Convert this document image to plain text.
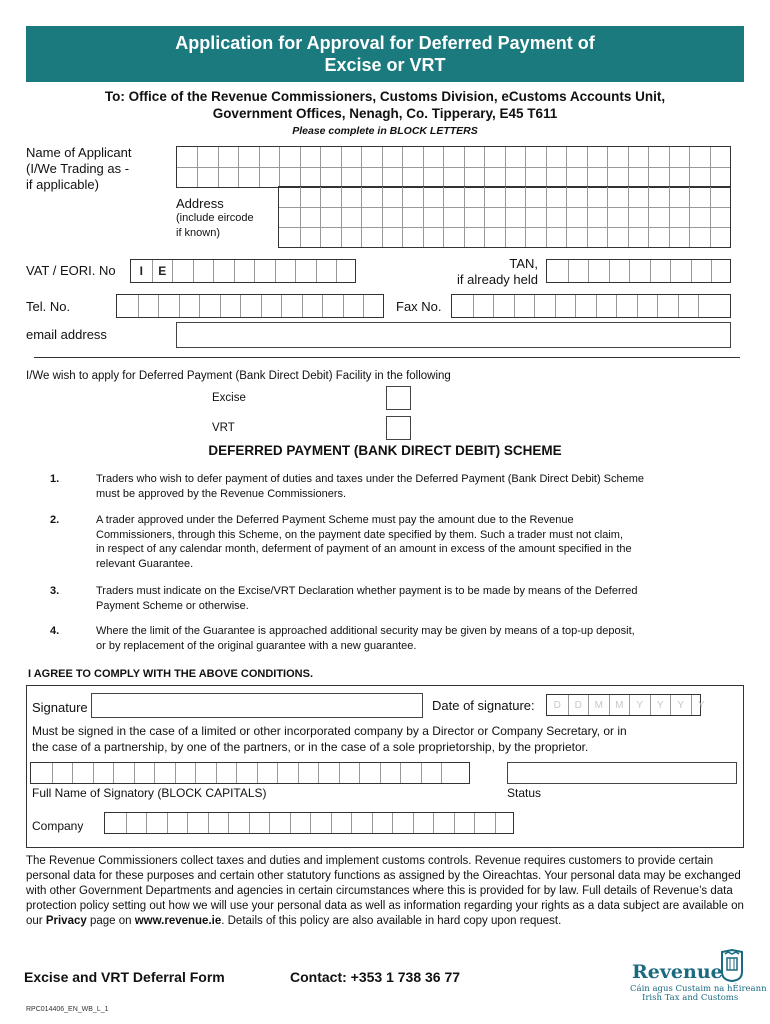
Application for Approval for Deferred Payment of
Excise or VRT
To: Office of the Revenue Commissioners, Customs Division, eCustoms Accounts Unit,
Government Offices, Nenagh, Co. Tipperary, E45 T611
Please complete in BLOCK LETTERS
Name of Applicant
(I/We Trading as -
if applicable)
Address
(include eircode
if known)
VAT / EORI. No	I	E	TAN,
if already held
Tel. No.	Fax No.
email address
I/We wish to apply for Deferred Payment (Bank Direct Debit) Facility in the following
Excise
VRT
DEFERRED PAYMENT (BANK DIRECT DEBIT) SCHEME
1.	Traders who wish to defer payment of duties and taxes under the Deferred Payment (Bank Direct Debit) Scheme
must be approved by the Revenue Commissioners.
2.	A trader approved under the Deferred Payment Scheme must pay the amount due to the Revenue
Commissioners, through this Scheme, on the payment date specified by them. Such a trader must not claim,
in respect of any calendar month, deferment of payment of an amount in excess of the amount specified in the
relevant Guarantee.
3.	Traders must indicate on the Excise/VRT Declaration whether payment is to be made by means of the Deferred
Payment Scheme or otherwise.
4.	Where the limit of the Guarantee is approached additional security may be given by means of a top-up deposit,
or by replacement of the original guarantee with a new guarantee.
I AGREE TO COMPLY WITH THE ABOVE CONDITIONS.
Signature	Date of signature:	D	D	M	M	Y	Y	Y	Y
Must be signed in the case of a limited or other incorporated company by a Director or Company Secretary, or in
the case of a partnership, by one of the partners, or in the case of a sole proprietorship, by the proprietor.
Full Name of Signatory (BLOCK CAPITALS)	Status
Company
The Revenue Commissioners collect taxes and duties and implement customs controls. Revenue requires customers to provide certain personal data for these purposes and certain other statutory functions as assigned by the Oireachtas. Your personal data may be exchanged with other Government Departments and agencies in certain circumstances where this is provided for by law. Full details of Revenue’s data protection policy setting out how we will use your personal data as well as information regarding your rights as a data subject are available on our Privacy page on www.revenue.ie. Details of this policy are also available in hard copy upon request.
Excise and VRT Deferral Form	Contact: +353 1 738 36 77
RPC014406_EN_WB_L_1
Revenue
Cáin agus Custaim na hÉireann
Irish Tax and Customs
